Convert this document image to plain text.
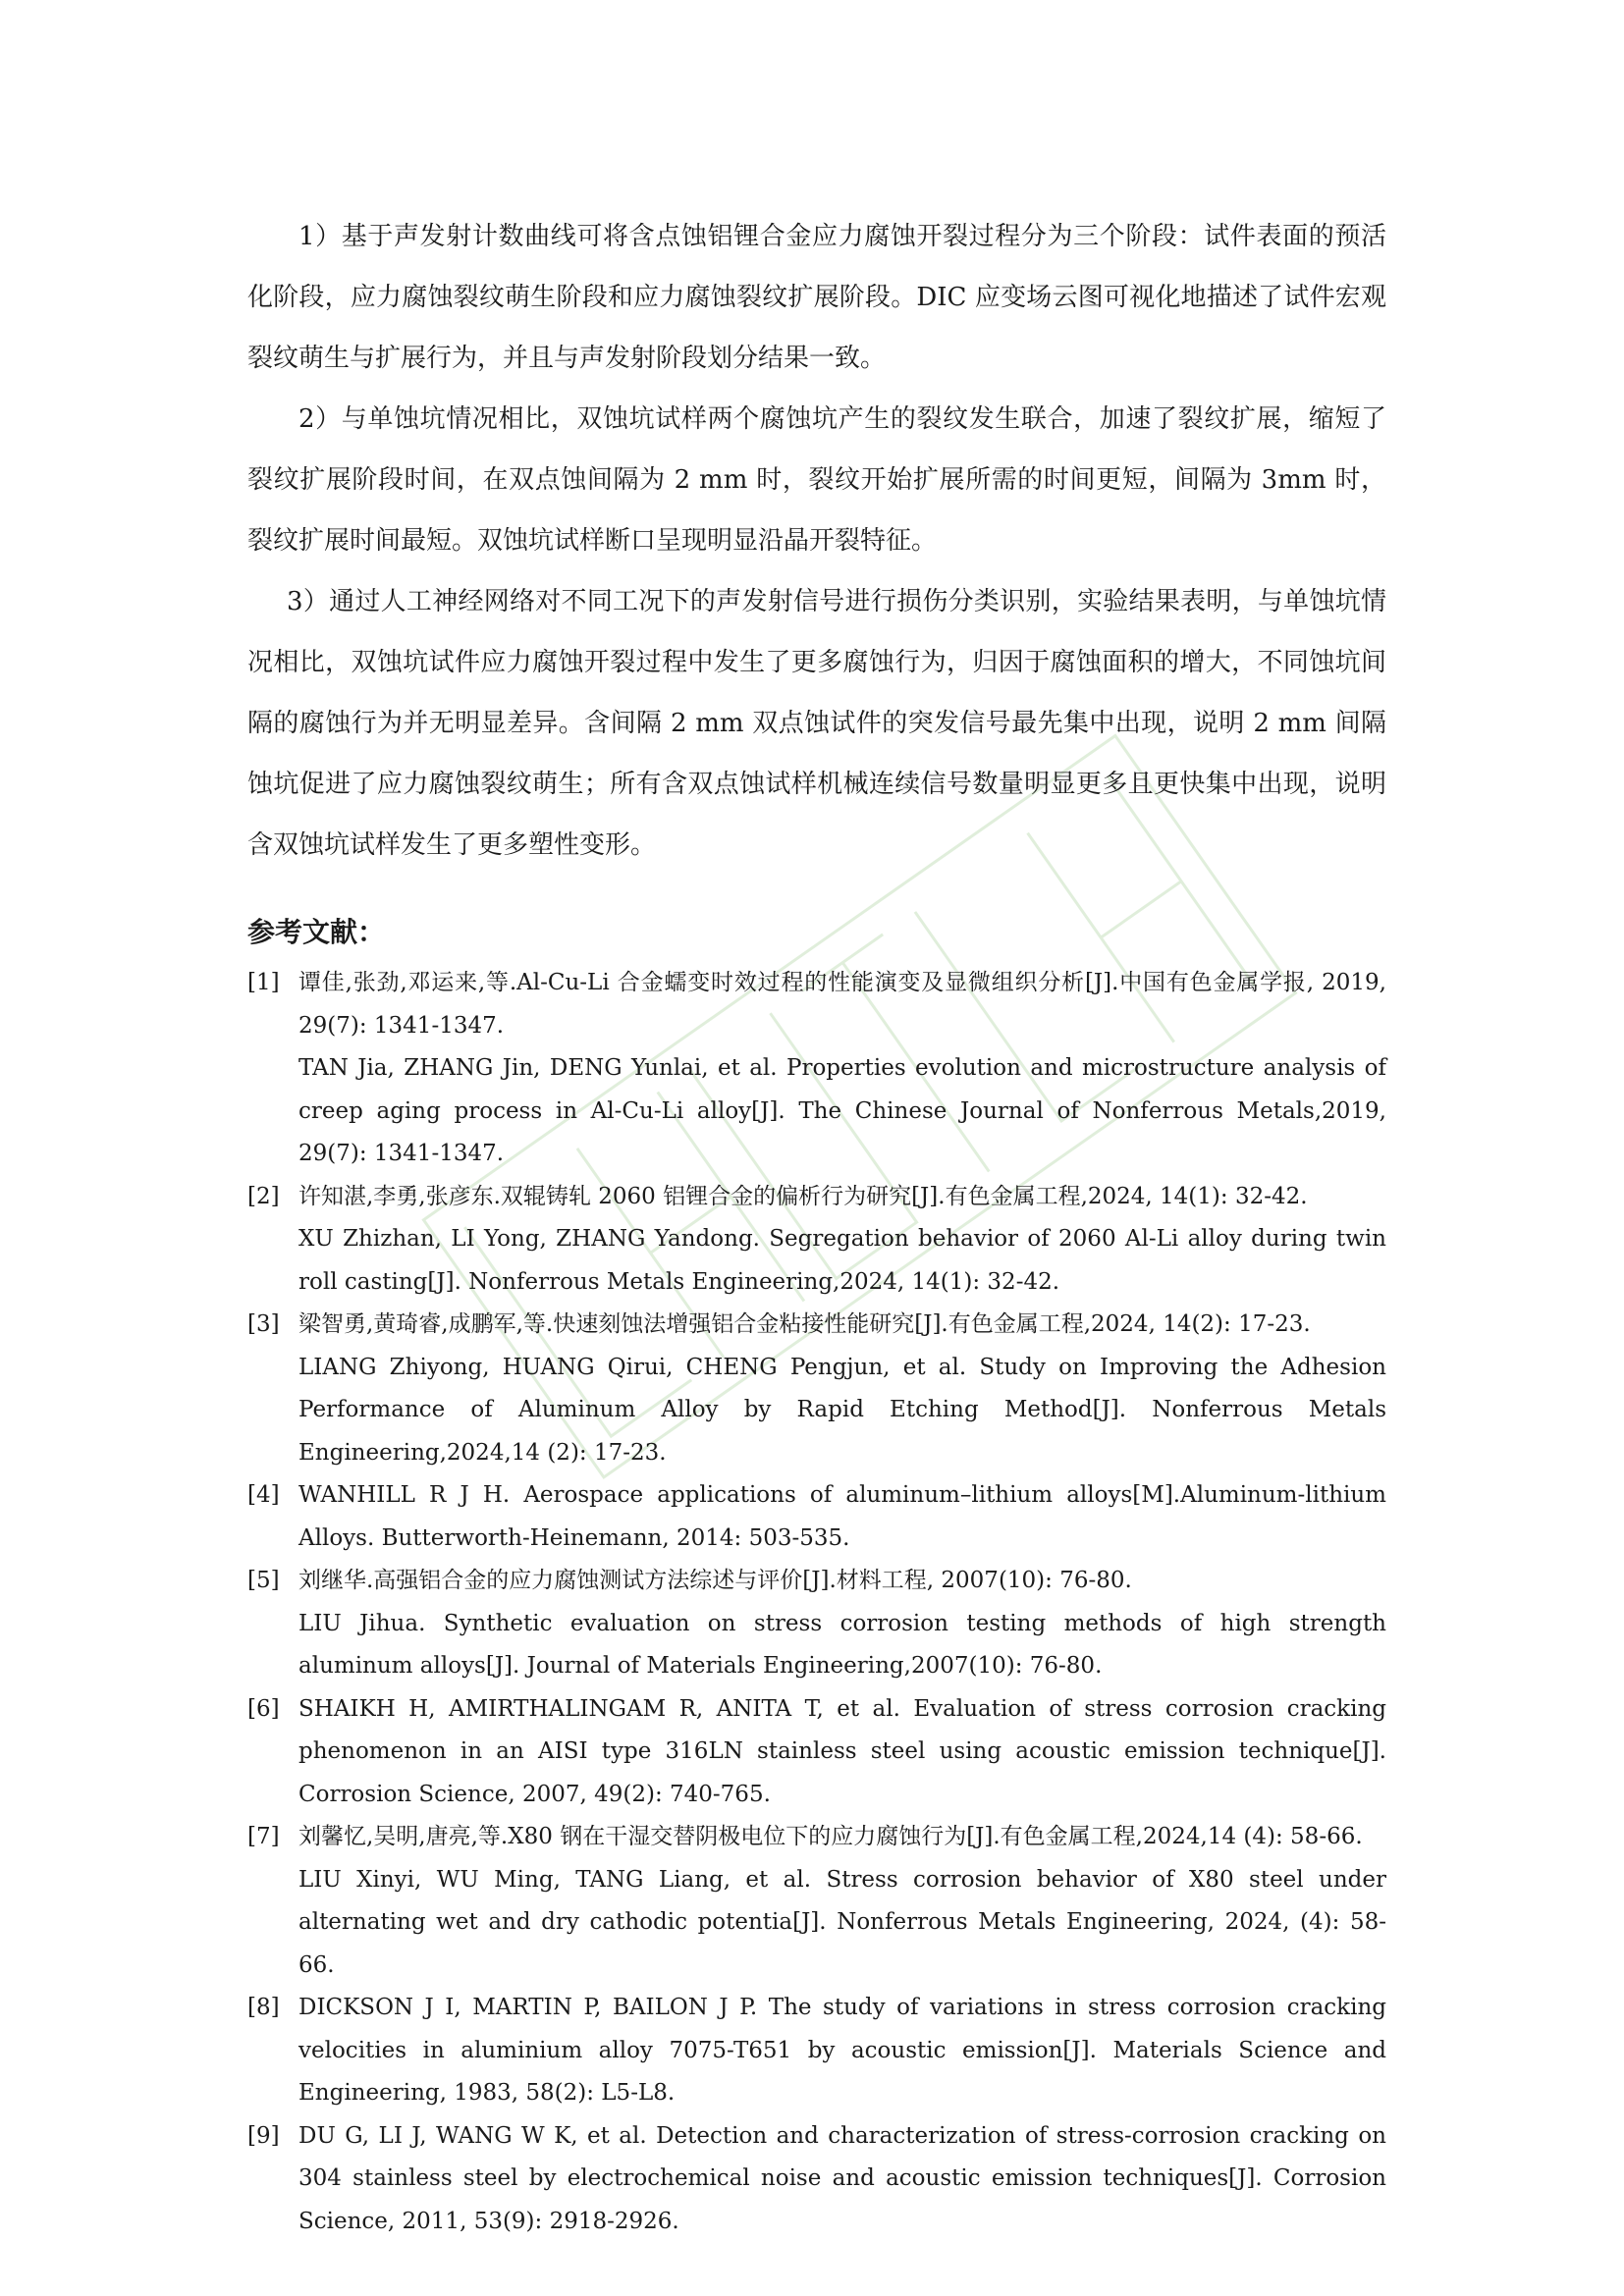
1）基于声发射计数曲线可将含点蚀铝锂合金应力腐蚀开裂过程分为三个阶段：试件表面的预活化阶段，应力腐蚀裂纹萌生阶段和应力腐蚀裂纹扩展阶段。DIC 应变场云图可视化地描述了试件宏观裂纹萌生与扩展行为，并且与声发射阶段划分结果一致。

2）与单蚀坑情况相比，双蚀坑试样两个腐蚀坑产生的裂纹发生联合，加速了裂纹扩展，缩短了裂纹扩展阶段时间，在双点蚀间隔为 2 mm 时，裂纹开始扩展所需的时间更短，间隔为 3mm 时，裂纹扩展时间最短。双蚀坑试样断口呈现明显沿晶开裂特征。

3）通过人工神经网络对不同工况下的声发射信号进行损伤分类识别，实验结果表明，与单蚀坑情况相比，双蚀坑试件应力腐蚀开裂过程中发生了更多腐蚀行为，归因于腐蚀面积的增大，不同蚀坑间隔的腐蚀行为并无明显差异。含间隔 2 mm 双点蚀试件的突发信号最先集中出现，说明 2 mm 间隔蚀坑促进了应力腐蚀裂纹萌生；所有含双点蚀试样机械连续信号数量明显更多且更快集中出现，说明含双蚀坑试样发生了更多塑性变形。

参考文献：
[1] 谭佳,张劲,邓运来,等.Al-Cu-Li 合金蠕变时效过程的性能演变及显微组织分析[J].中国有色金属学报, 2019, 29(7): 1341-1347.
TAN Jia, ZHANG Jin, DENG Yunlai, et al. Properties evolution and microstructure analysis of creep aging process in Al-Cu-Li alloy[J]. The Chinese Journal of Nonferrous Metals,2019, 29(7): 1341-1347.
[2] 许知湛,李勇,张彦东.双辊铸轧 2060 铝锂合金的偏析行为研究[J].有色金属工程,2024, 14(1): 32-42.
XU Zhizhan, LI Yong, ZHANG Yandong. Segregation behavior of 2060 Al-Li alloy during twin roll casting[J]. Nonferrous Metals Engineering,2024, 14(1): 32-42.
[3] 梁智勇,黄琦睿,成鹏军,等.快速刻蚀法增强铝合金粘接性能研究[J].有色金属工程,2024, 14(2): 17-23.
LIANG Zhiyong, HUANG Qirui, CHENG Pengjun, et al. Study on Improving the Adhesion Performance of Aluminum Alloy by Rapid Etching Method[J]. Nonferrous Metals Engineering,2024,14 (2): 17-23.
[4] WANHILL R J H. Aerospace applications of aluminum–lithium alloys[M].Aluminum-lithium Alloys. Butterworth-Heinemann, 2014: 503-535.
[5] 刘继华.高强铝合金的应力腐蚀测试方法综述与评价[J].材料工程, 2007(10): 76-80.
LIU Jihua. Synthetic evaluation on stress corrosion testing methods of high strength aluminum alloys[J]. Journal of Materials Engineering,2007(10): 76-80.
[6] SHAIKH H, AMIRTHALINGAM R, ANITA T, et al. Evaluation of stress corrosion cracking phenomenon in an AISI type 316LN stainless steel using acoustic emission technique[J]. Corrosion Science, 2007, 49(2): 740-765.
[7] 刘馨忆,吴明,唐亮,等.X80 钢在干湿交替阴极电位下的应力腐蚀行为[J].有色金属工程,2024,14 (4): 58-66.
LIU Xinyi, WU Ming, TANG Liang, et al. Stress corrosion behavior of X80 steel under alternating wet and dry cathodic potentia[J]. Nonferrous Metals Engineering, 2024, (4): 58-66.
[8] DICKSON J I, MARTIN P, BAILON J P. The study of variations in stress corrosion cracking velocities in aluminium alloy 7075-T651 by acoustic emission[J]. Materials Science and Engineering, 1983, 58(2): L5-L8.
[9] DU G, LI J, WANG W K, et al. Detection and characterization of stress-corrosion cracking on 304 stainless steel by electrochemical noise and acoustic emission techniques[J]. Corrosion Science, 2011, 53(9): 2918-2926.
